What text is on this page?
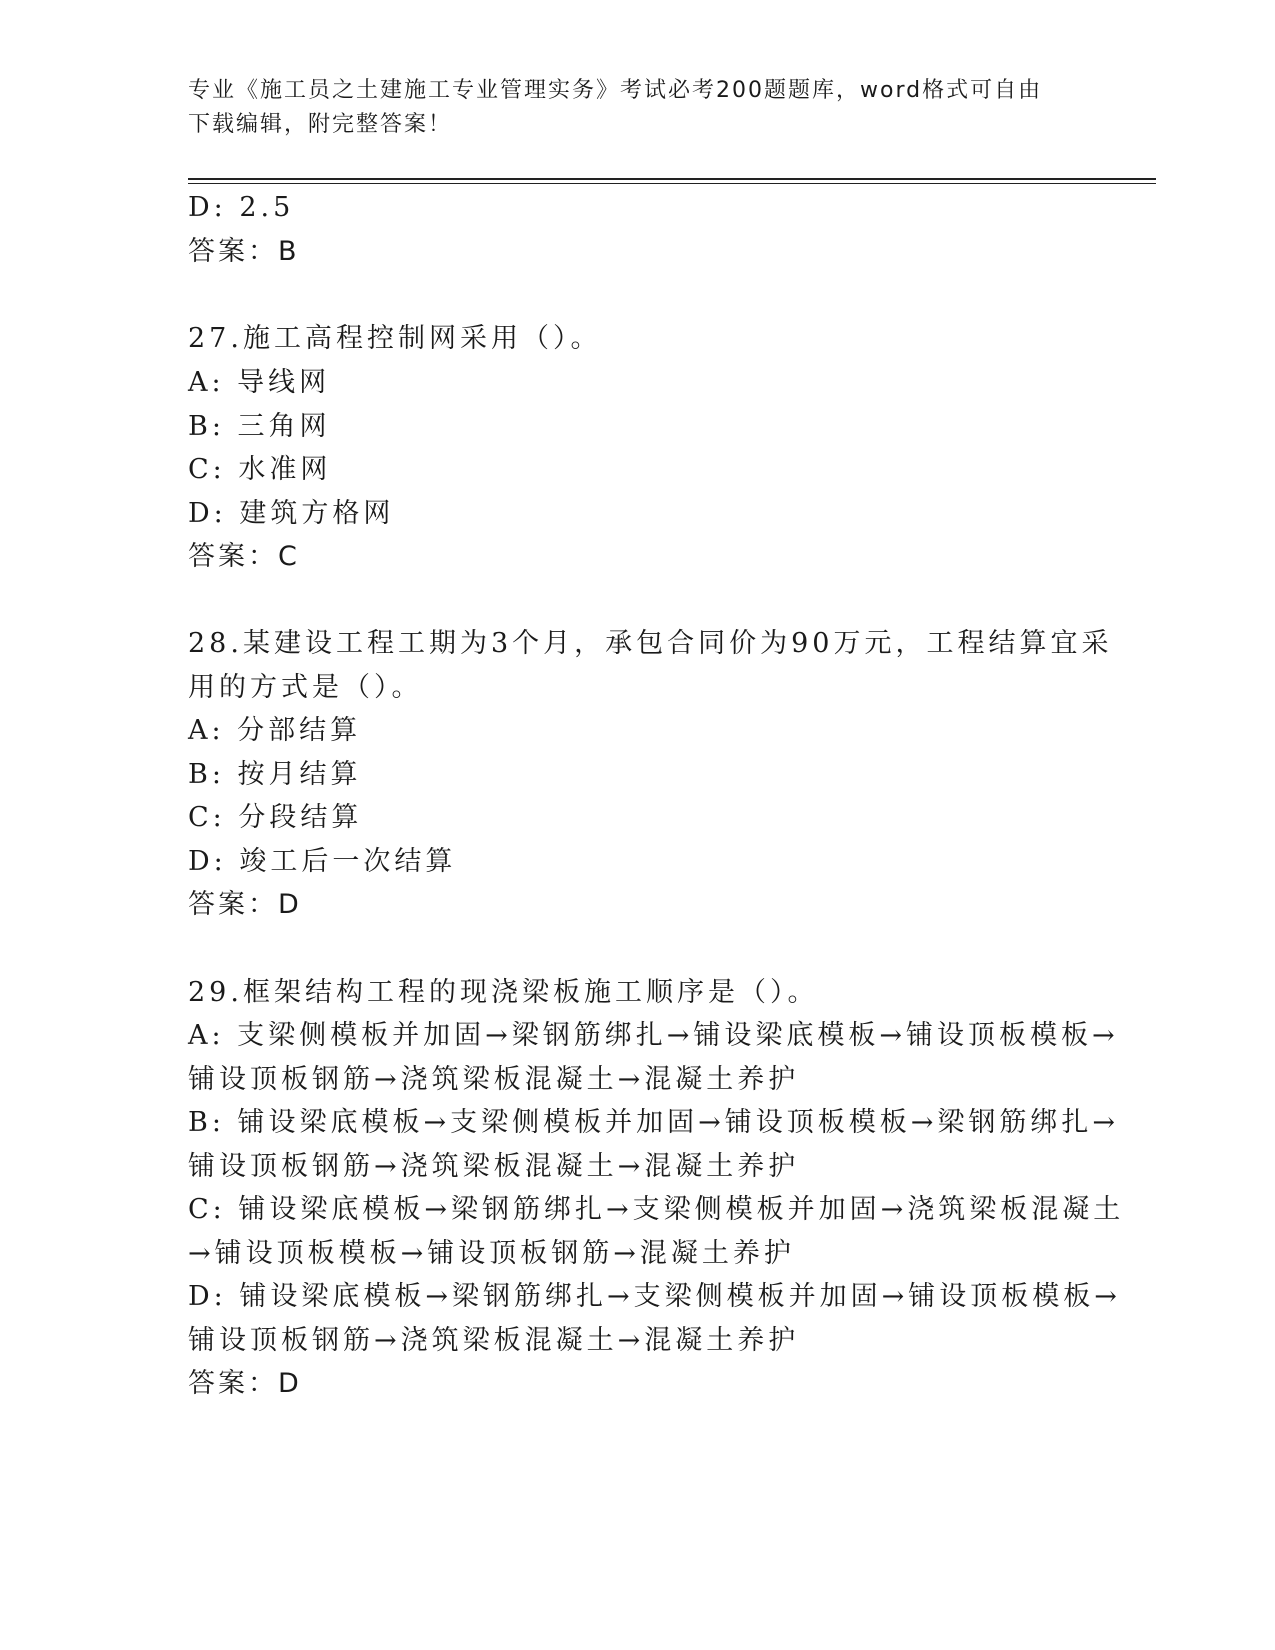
专业《施工员之土建施工专业管理实务》考试必考200题题库，word格式可自由
下载编辑，附完整答案！
D: 2.5
答案：B
27.施工高程控制网采用（）。
A: 导线网
B: 三角网
C: 水准网
D: 建筑方格网
答案：C
28.某建设工程工期为3个月，承包合同价为90万元，工程结算宜采
用的方式是（）。
A: 分部结算
B: 按月结算
C: 分段结算
D: 竣工后一次结算
答案：D
29.框架结构工程的现浇梁板施工顺序是（）。
A: 支梁侧模板并加固→梁钢筋绑扎→铺设梁底模板→铺设顶板模板→
铺设顶板钢筋→浇筑梁板混凝土→混凝土养护
B: 铺设梁底模板→支梁侧模板并加固→铺设顶板模板→梁钢筋绑扎→
铺设顶板钢筋→浇筑梁板混凝土→混凝土养护
C: 铺设梁底模板→梁钢筋绑扎→支梁侧模板并加固→浇筑梁板混凝土
→铺设顶板模板→铺设顶板钢筋→混凝土养护
D: 铺设梁底模板→梁钢筋绑扎→支梁侧模板并加固→铺设顶板模板→
铺设顶板钢筋→浇筑梁板混凝土→混凝土养护
答案：D
